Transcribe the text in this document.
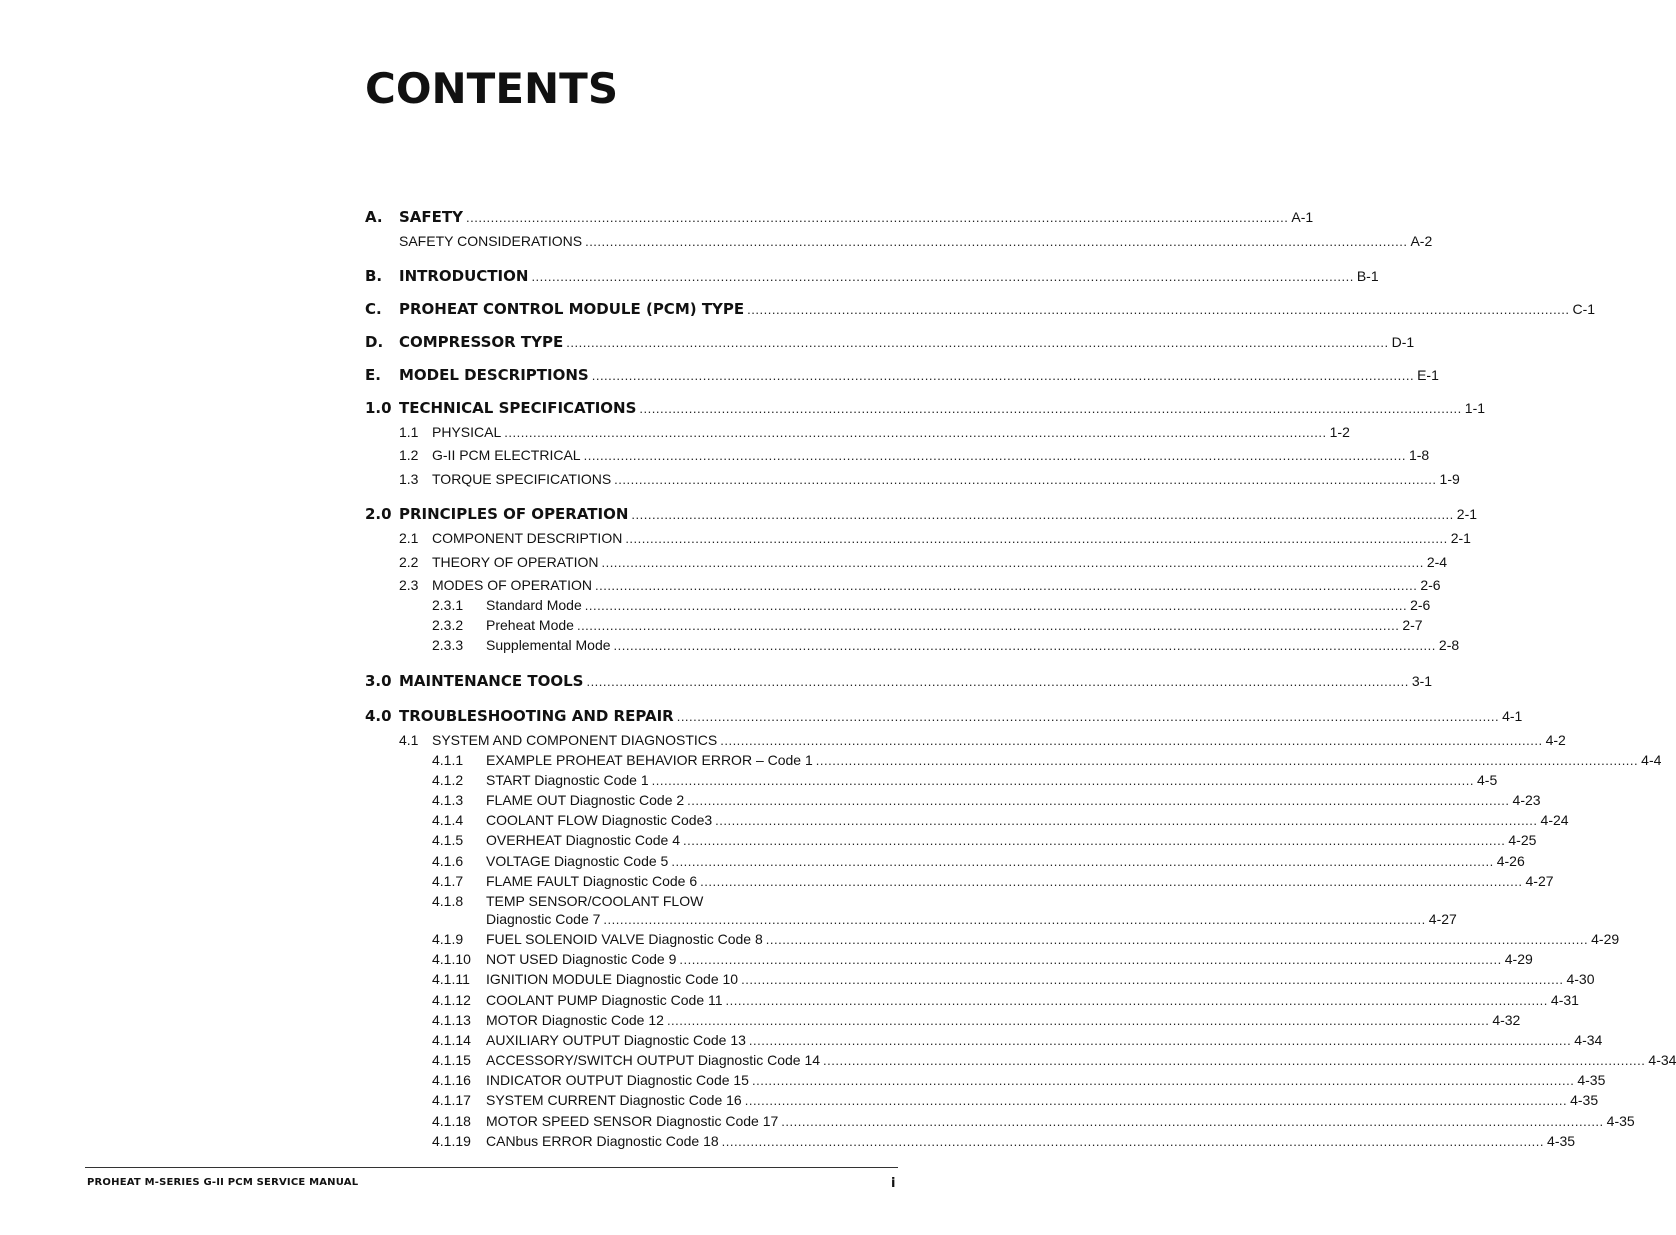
CONTENTS
A.	SAFETY ........................................................................................................................................................................................................ A-1
SAFETY CONSIDERATIONS ........................................................................................................................................................................................................ A-2
B.	INTRODUCTION ........................................................................................................................................................................................................ B-1
C.	PROHEAT CONTROL MODULE (PCM) TYPE ........................................................................................................................................................................................................ C-1
D.	COMPRESSOR TYPE ........................................................................................................................................................................................................ D-1
E.	MODEL DESCRIPTIONS ........................................................................................................................................................................................................ E-1
1.0 TECHNICAL SPECIFICATIONS ........................................................................................................................................................................................................ 1-1
1.1 PHYSICAL ........................................................................................................................................................................................................ 1-2
1.2 G-II PCM ELECTRICAL ........................................................................................................................................................................................................ 1-8
1.3 TORQUE SPECIFICATIONS ........................................................................................................................................................................................................ 1-9
2.0 PRINCIPLES OF OPERATION ........................................................................................................................................................................................................ 2-1
2.1 COMPONENT DESCRIPTION ........................................................................................................................................................................................................ 2-1
2.2 THEORY OF OPERATION ........................................................................................................................................................................................................ 2-4
2.3 MODES OF OPERATION ........................................................................................................................................................................................................ 2-6
2.3.1	Standard Mode ........................................................................................................................................................................................................ 2-6
2.3.2	Preheat Mode ........................................................................................................................................................................................................ 2-7
2.3.3	Supplemental Mode ........................................................................................................................................................................................................ 2-8
3.0 MAINTENANCE TOOLS ........................................................................................................................................................................................................ 3-1
4.0 TROUBLESHOOTING AND REPAIR ........................................................................................................................................................................................................ 4-1
4.1 SYSTEM AND COMPONENT DIAGNOSTICS ........................................................................................................................................................................................................ 4-2
4.1.1	EXAMPLE PROHEAT BEHAVIOR ERROR – Code 1 ........................................................................................................................................................................................................ 4-4
4.1.2	START Diagnostic Code 1 ........................................................................................................................................................................................................ 4-5
4.1.3	FLAME OUT Diagnostic Code 2 ........................................................................................................................................................................................................ 4-23
4.1.4	COOLANT FLOW Diagnostic Code3 ........................................................................................................................................................................................................ 4-24
4.1.5	OVERHEAT Diagnostic Code 4 ........................................................................................................................................................................................................ 4-25
4.1.6	VOLTAGE Diagnostic Code 5 ........................................................................................................................................................................................................ 4-26
4.1.7	FLAME FAULT Diagnostic Code 6 ........................................................................................................................................................................................................ 4-27
4.1.8	TEMP SENSOR/COOLANT FLOW
Diagnostic Code 7 ........................................................................................................................................................................................................ 4-27
4.1.9	FUEL SOLENOID VALVE Diagnostic Code 8 ........................................................................................................................................................................................................ 4-29
4.1.10	NOT USED Diagnostic Code 9 ........................................................................................................................................................................................................ 4-29
4.1.11	IGNITION MODULE Diagnostic Code 10 ........................................................................................................................................................................................................ 4-30
4.1.12	COOLANT PUMP Diagnostic Code 11 ........................................................................................................................................................................................................ 4-31
4.1.13	MOTOR Diagnostic Code 12 ........................................................................................................................................................................................................ 4-32
4.1.14	AUXILIARY OUTPUT Diagnostic Code 13 ........................................................................................................................................................................................................ 4-34
4.1.15	ACCESSORY/SWITCH OUTPUT Diagnostic Code 14 ........................................................................................................................................................................................................ 4-34
4.1.16	INDICATOR OUTPUT Diagnostic Code 15 ........................................................................................................................................................................................................ 4-35
4.1.17	SYSTEM CURRENT Diagnostic Code 16 ........................................................................................................................................................................................................ 4-35
4.1.18	MOTOR SPEED SENSOR Diagnostic Code 17 ........................................................................................................................................................................................................ 4-35
4.1.19	CANbus ERROR Diagnostic Code 18 ........................................................................................................................................................................................................ 4-35
PROHEAT M-SERIES G-II PCM SERVICE MANUAL	i
